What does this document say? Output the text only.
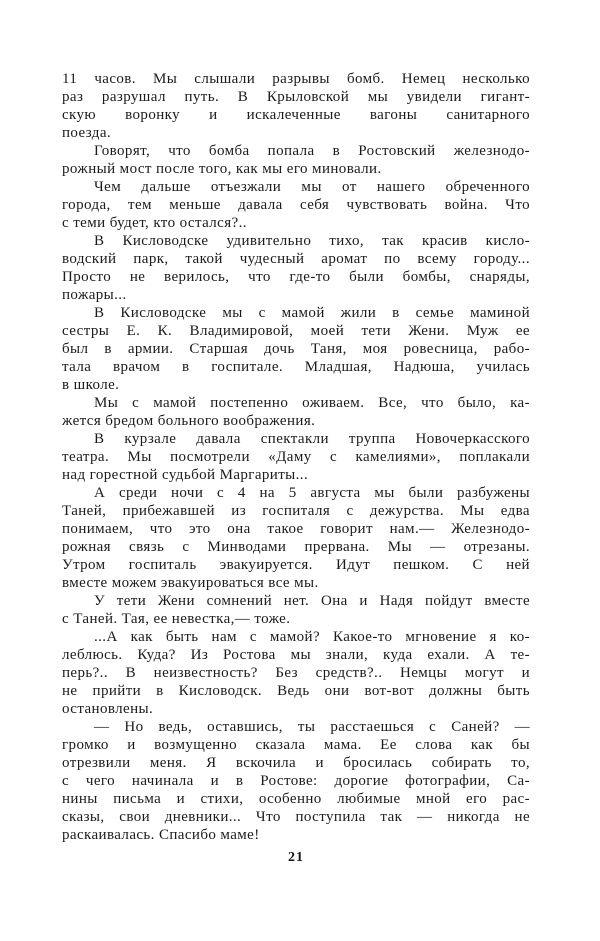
11 часов. Мы слышали разрывы бомб. Немец несколько
раз разрушал путь. В Крыловской мы увидели гигант-
скую воронку и искалеченные вагоны санитарного
поезда.
Говорят, что бомба попала в Ростовский железнодо-
рожный мост после того, как мы его миновали.
Чем дальше отъезжали мы от нашего обреченного
города, тем меньше давала себя чувствовать война. Что
с теми будет, кто остался?..
В Кисловодске удивительно тихо, так красив кисло-
водский парк, такой чудесный аромат по всему городу...
Просто не верилось, что где-то были бомбы, снаряды,
пожары...
В Кисловодске мы с мамой жили в семье маминой
сестры Е. К. Владимировой, моей тети Жени. Муж ее
был в армии. Старшая дочь Таня, моя ровесница, рабо-
тала врачом в госпитале. Младшая, Надюша, училась
в школе.
Мы с мамой постепенно оживаем. Все, что было, ка-
жется бредом больного воображения.
В курзале давала спектакли труппа Новочеркасского
театра. Мы посмотрели «Даму с камелиями», поплакали
над горестной судьбой Маргариты...
А среди ночи с 4 на 5 августа мы были разбужены
Таней, прибежавшей из госпиталя с дежурства. Мы едва
понимаем, что это она такое говорит нам.— Железнодо-
рожная связь с Минводами прервана. Мы — отрезаны.
Утром госпиталь эвакуируется. Идут пешком. С ней
вместе можем эвакуироваться все мы.
У тети Жени сомнений нет. Она и Надя пойдут вместе
с Таней. Тая, ее невестка,— тоже.
...А как быть нам с мамой? Какое-то мгновение я ко-
леблюсь. Куда? Из Ростова мы знали, куда ехали. А те-
перь?.. В неизвестность? Без средств?.. Немцы могут и
не прийти в Кисловодск. Ведь они вот-вот должны быть
остановлены.
— Но ведь, оставшись, ты расстаешься с Саней? —
громко и возмущенно сказала мама. Ее слова как бы
отрезвили меня. Я вскочила и бросилась собирать то,
с чего начинала и в Ростове: дорогие фотографии, Са-
нины письма и стихи, особенно любимые мной его рас-
сказы, свои дневники... Что поступила так — никогда не
раскаивалась. Спасибо маме!
21
